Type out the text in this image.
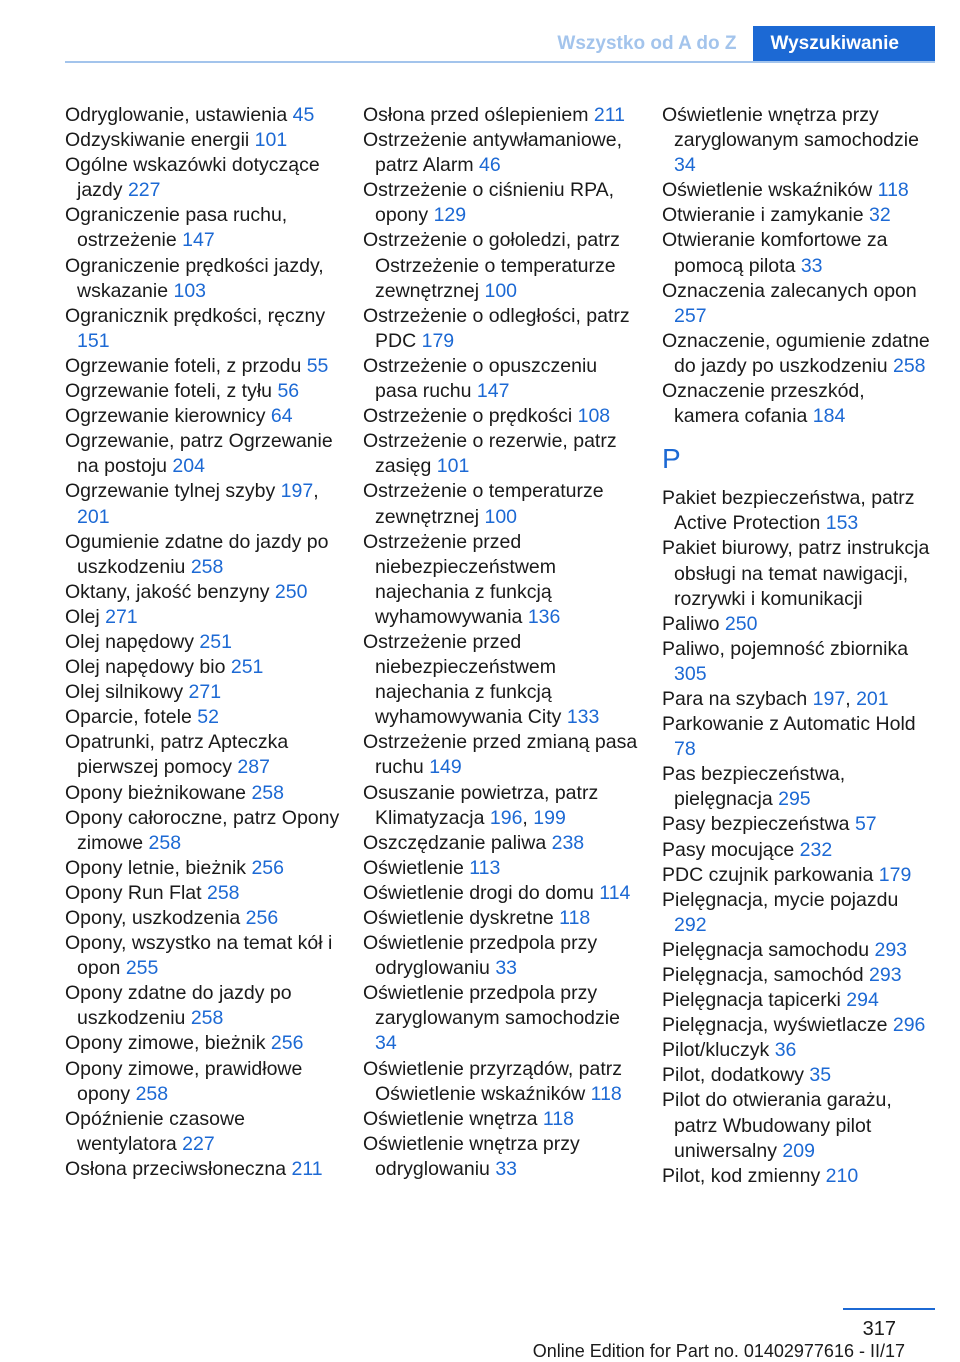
Wszystko od A do Z	Wyszukiwanie
Odryglowanie, ustawienia 45
Odzyskiwanie energii 101
Ogólne wskazówki dotyczące jazdy 227
Ograniczenie pasa ruchu, ostrzeżenie 147
Ograniczenie prędkości jazdy, wskazanie 103
Ogranicznik prędkości, ręczny 151
Ogrzewanie foteli, z przodu 55
Ogrzewanie foteli, z tyłu 56
Ogrzewanie kierownicy 64
Ogrzewanie, patrz Ogrzewanie na postoju 204
Ogrzewanie tylnej szyby 197, 201
Ogumienie zdatne do jazdy po uszkodzeniu 258
Oktany, jakość benzyny 250
Olej 271
Olej napędowy 251
Olej napędowy bio 251
Olej silnikowy 271
Oparcie, fotele 52
Opatrunki, patrz Apteczka pierwszej pomocy 287
Opony bieżnikowane 258
Opony całoroczne, patrz Opony zimowe 258
Opony letnie, bieżnik 256
Opony Run Flat 258
Opony, uszkodzenia 256
Opony, wszystko na temat kół i opon 255
Opony zdatne do jazdy po uszkodzeniu 258
Opony zimowe, bieżnik 256
Opony zimowe, prawidłowe opony 258
Opóźnienie czasowe wentylatora 227
Osłona przeciwsłoneczna 211
Osłona przed oślepieniem 211
Ostrzeżenie antywłamaniowe, patrz Alarm 46
Ostrzeżenie o ciśnieniu RPA, opony 129
Ostrzeżenie o gołoledzi, patrz Ostrzeżenie o temperaturze zewnętrznej 100
Ostrzeżenie o odległości, patrz PDC 179
Ostrzeżenie o opuszczeniu pasa ruchu 147
Ostrzeżenie o prędkości 108
Ostrzeżenie o rezerwie, patrz zasięg 101
Ostrzeżenie o temperaturze zewnętrznej 100
Ostrzeżenie przed niebezpieczeństwem najechania z funkcją wyhamowywania 136
Ostrzeżenie przed niebezpieczeństwem najechania z funkcją wyhamowywania City 133
Ostrzeżenie przed zmianą pasa ruchu 149
Osuszanie powietrza, patrz Klimatyzacja 196, 199
Oszczędzanie paliwa 238
Oświetlenie 113
Oświetlenie drogi do domu 114
Oświetlenie dyskretne 118
Oświetlenie przedpola przy odryglowaniu 33
Oświetlenie przedpola przy zaryglowanym samochodzie 34
Oświetlenie przyrządów, patrz Oświetlenie wskaźników 118
Oświetlenie wnętrza 118
Oświetlenie wnętrza przy odryglowaniu 33
Oświetlenie wnętrza przy zaryglowanym samochodzie 34
Oświetlenie wskaźników 118
Otwieranie i zamykanie 32
Otwieranie komfortowe za pomocą pilota 33
Oznaczenia zalecanych opon 257
Oznaczenie, ogumienie zdatne do jazdy po uszkodzeniu 258
Oznaczenie przeszkód, kamera cofania 184
P
Pakiet bezpieczeństwa, patrz Active Protection 153
Pakiet biurowy, patrz instrukcja obsługi na temat nawigacji, rozrywki i komunikacji
Paliwo 250
Paliwo, pojemność zbiornika 305
Para na szybach 197, 201
Parkowanie z Automatic Hold 78
Pas bezpieczeństwa, pielęgnacja 295
Pasy bezpieczeństwa 57
Pasy mocujące 232
PDC czujnik parkowania 179
Pielęgnacja, mycie pojazdu 292
Pielęgnacja samochodu 293
Pielęgnacja, samochód 293
Pielęgnacja tapicerki 294
Pielęgnacja, wyświetlacze 296
Pilot/kluczyk 36
Pilot, dodatkowy 35
Pilot do otwierania garażu, patrz Wbudowany pilot uniwersalny 209
Pilot, kod zmienny 210
317
Online Edition for Part no. 01402977616 - II/17
